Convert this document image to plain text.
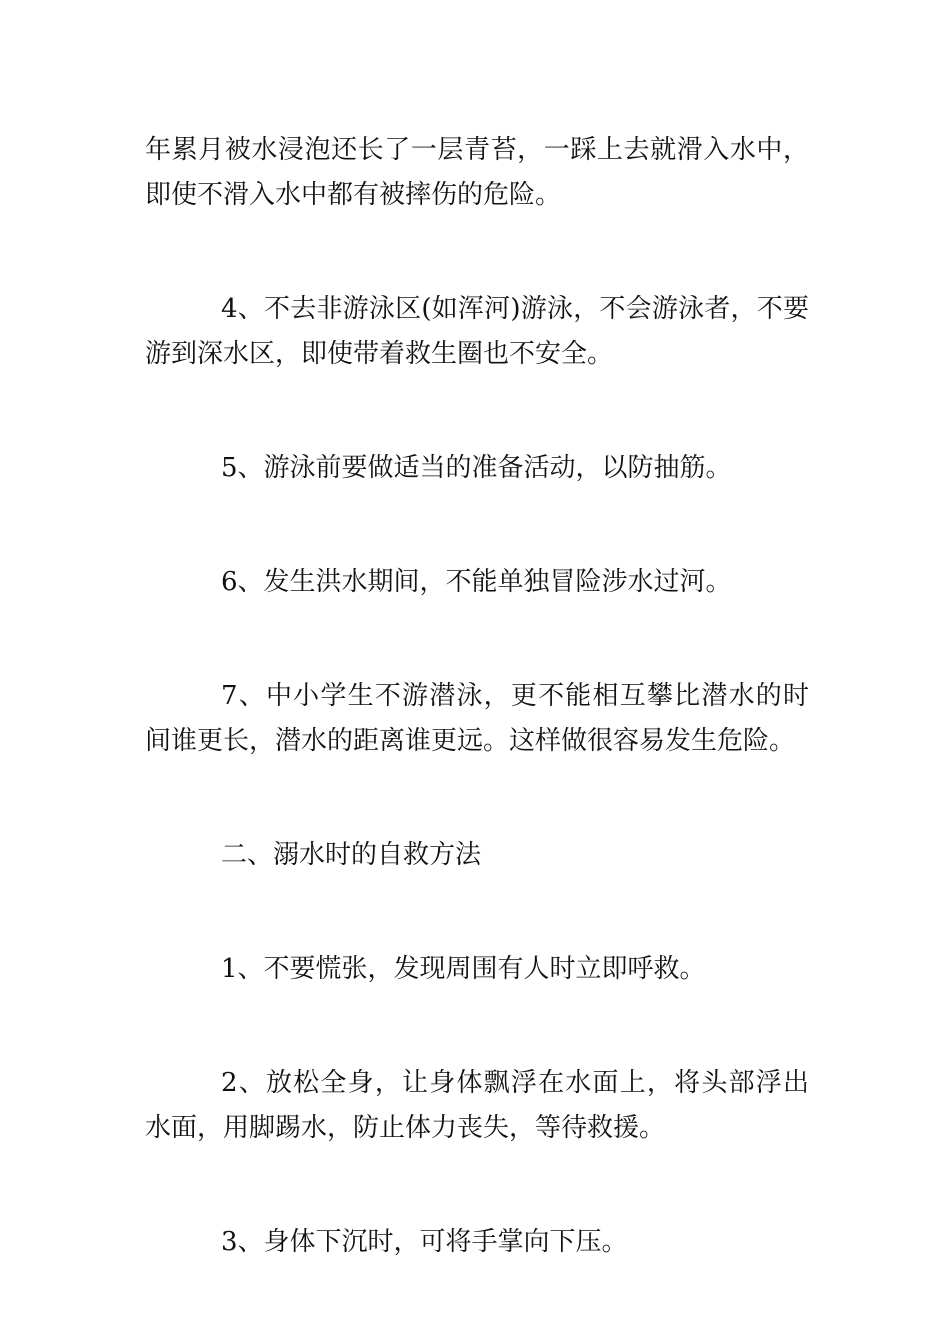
年累月被水浸泡还长了一层青苔，一踩上去就滑入水中，即使不滑入水中都有被摔伤的危险。

4、不去非游泳区(如浑河)游泳，不会游泳者，不要游到深水区，即使带着救生圈也不安全。

5、游泳前要做适当的准备活动，以防抽筋。

6、发生洪水期间，不能单独冒险涉水过河。

7、中小学生不游潜泳，更不能相互攀比潜水的时间谁更长，潜水的距离谁更远。这样做很容易发生危险。

二、溺水时的自救方法

1、不要慌张，发现周围有人时立即呼救。

2、放松全身，让身体飘浮在水面上，将头部浮出水面，用脚踢水，防止体力丧失，等待救援。

3、身体下沉时，可将手掌向下压。
